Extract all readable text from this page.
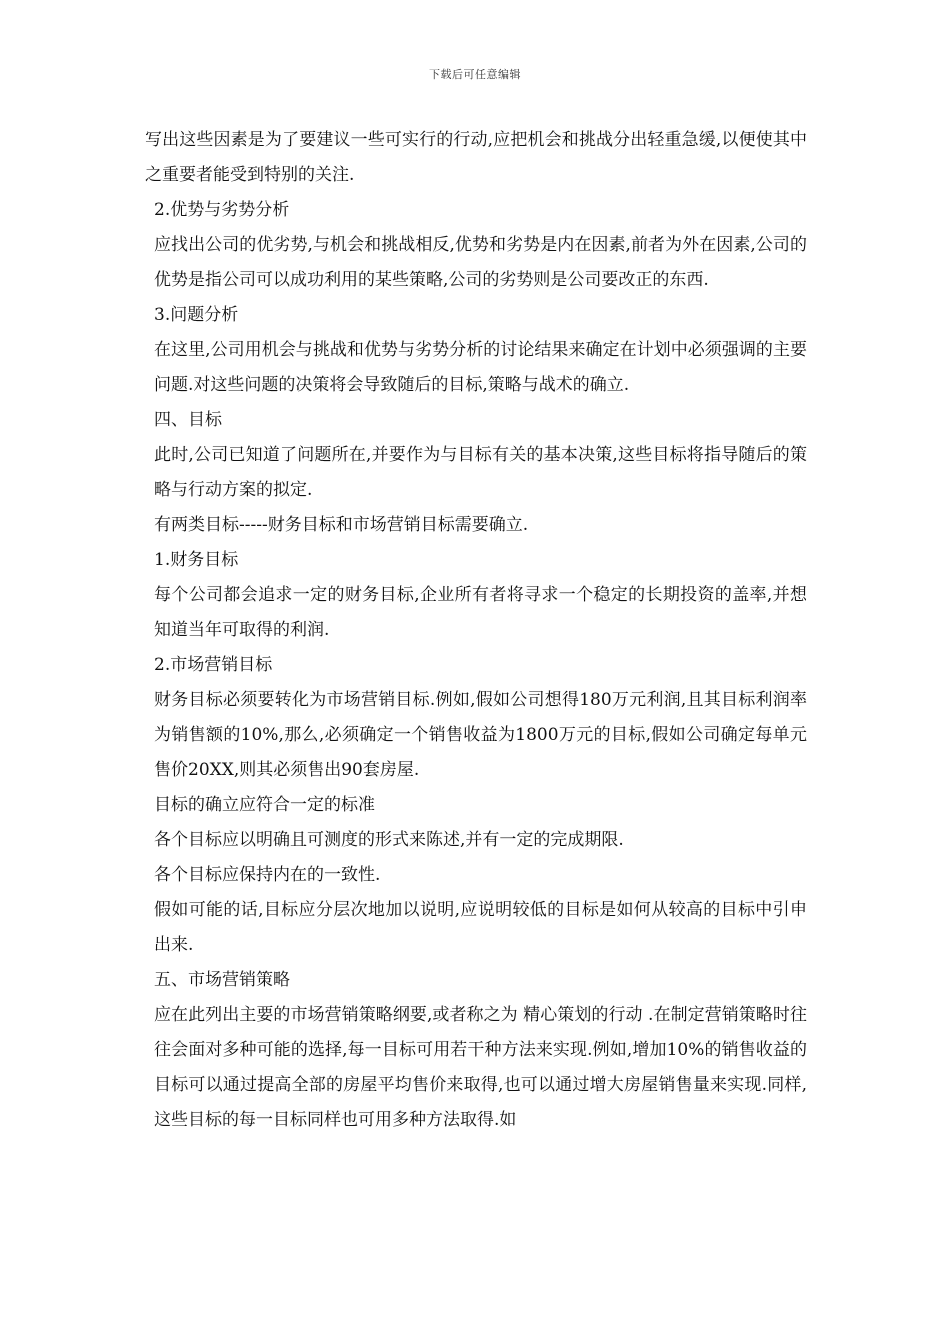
下载后可任意编辑

写出这些因素是为了要建议一些可实行的行动,应把机会和挑战分出轻重急缓,以便使其中之重要者能受到特别的关注.

2.优势与劣势分析

应找出公司的优劣势,与机会和挑战相反,优势和劣势是内在因素,前者为外在因素,公司的优势是指公司可以成功利用的某些策略,公司的劣势则是公司要改正的东西.

3.问题分析

在这里,公司用机会与挑战和优势与劣势分析的讨论结果来确定在计划中必须强调的主要问题.对这些问题的决策将会导致随后的目标,策略与战术的确立.

四、目标

此时,公司已知道了问题所在,并要作为与目标有关的基本决策,这些目标将指导随后的策略与行动方案的拟定.

有两类目标-----财务目标和市场营销目标需要确立.

1.财务目标

每个公司都会追求一定的财务目标,企业所有者将寻求一个稳定的长期投资的盖率,并想知道当年可取得的利润.

2.市场营销目标

财务目标必须要转化为市场营销目标.例如,假如公司想得180万元利润,且其目标利润率为销售额的10%,那么,必须确定一个销售收益为1800万元的目标,假如公司确定每单元售价20XX,则其必须售出90套房屋.

目标的确立应符合一定的标准

各个目标应以明确且可测度的形式来陈述,并有一定的完成期限.

各个目标应保持内在的一致性.

假如可能的话,目标应分层次地加以说明,应说明较低的目标是如何从较高的目标中引申出来.

五、市场营销策略

应在此列出主要的市场营销策略纲要,或者称之为 精心策划的行动 .在制定营销策略时往往会面对多种可能的选择,每一目标可用若干种方法来实现.例如,增加10%的销售收益的目标可以通过提高全部的房屋平均售价来取得,也可以通过增大房屋销售量来实现.同样,这些目标的每一目标同样也可用多种方法取得.如
